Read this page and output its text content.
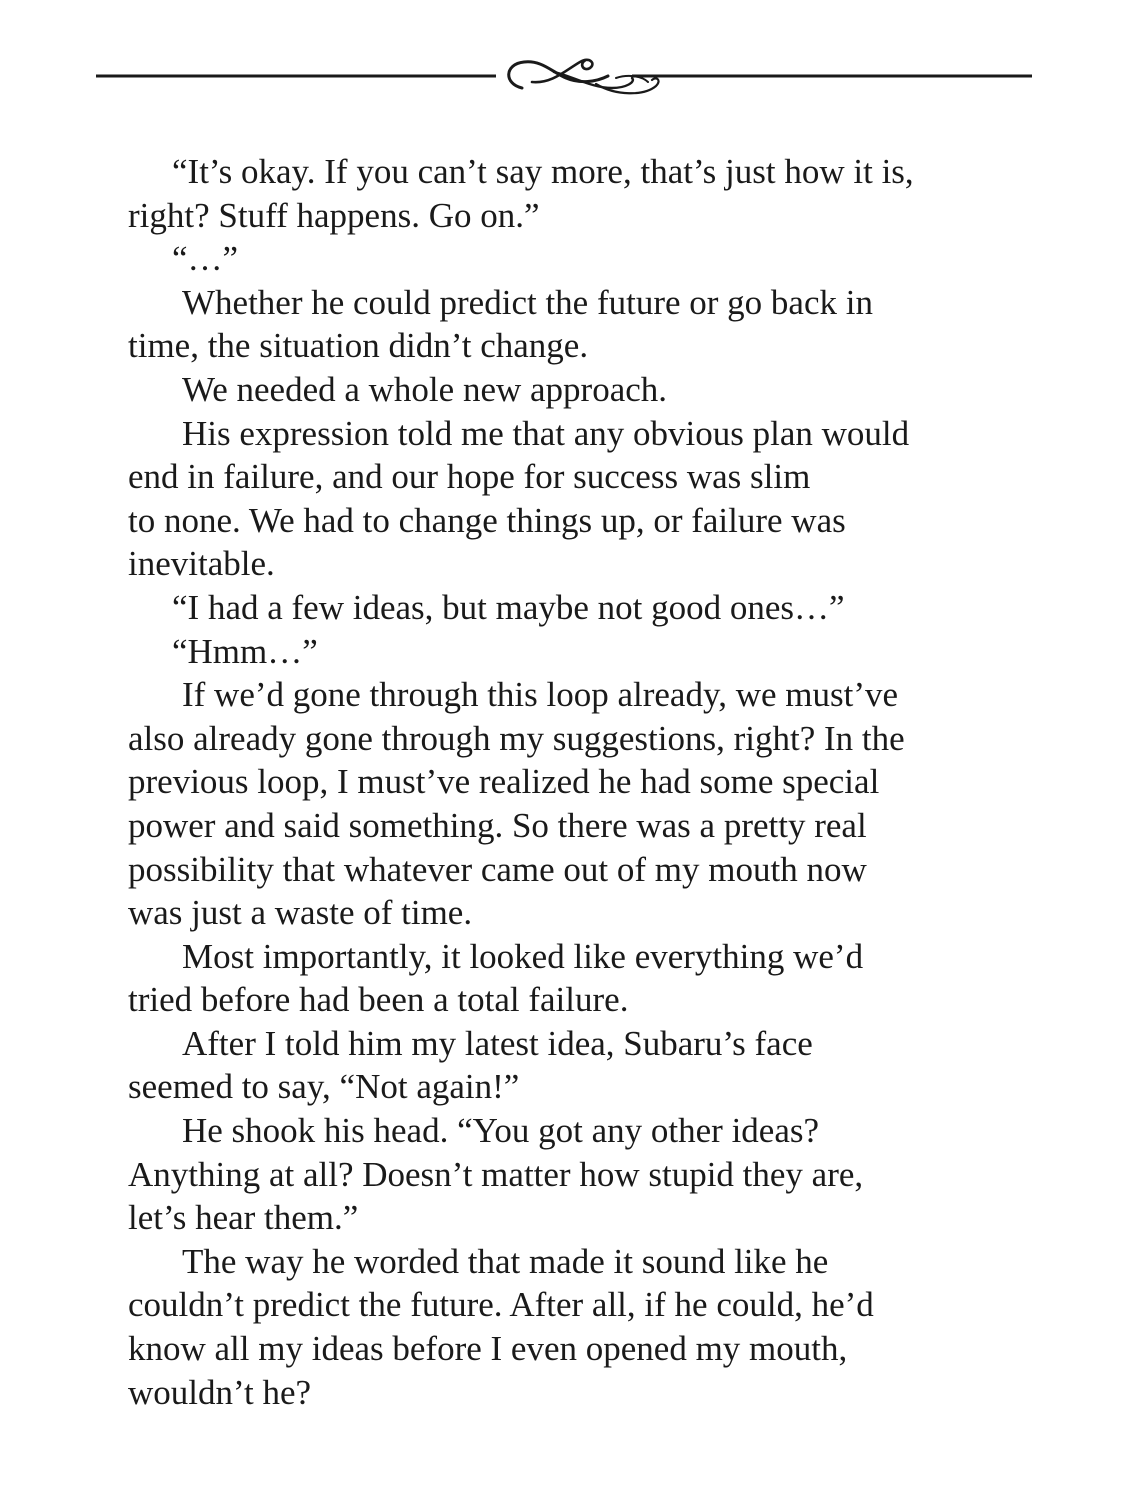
“It’s okay. If you can’t say more, that’s just how it is,
right? Stuff happens. Go on.”
“…”
Whether he could predict the future or go back in
time, the situation didn’t change.
We needed a whole new approach.
His expression told me that any obvious plan would
end in failure, and our hope for success was slim
to none. We had to change things up, or failure was
inevitable.
“I had a few ideas, but maybe not good ones…”
“Hmm…”
If we’d gone through this loop already, we must’ve
also already gone through my suggestions, right? In the
previous loop, I must’ve realized he had some special
power and said something. So there was a pretty real
possibility that whatever came out of my mouth now
was just a waste of time.
Most importantly, it looked like everything we’d
tried before had been a total failure.
After I told him my latest idea, Subaru’s face
seemed to say, “Not again!”
He shook his head. “You got any other ideas?
Anything at all? Doesn’t matter how stupid they are,
let’s hear them.”
The way he worded that made it sound like he
couldn’t predict the future. After all, if he could, he’d
know all my ideas before I even opened my mouth,
wouldn’t he?
